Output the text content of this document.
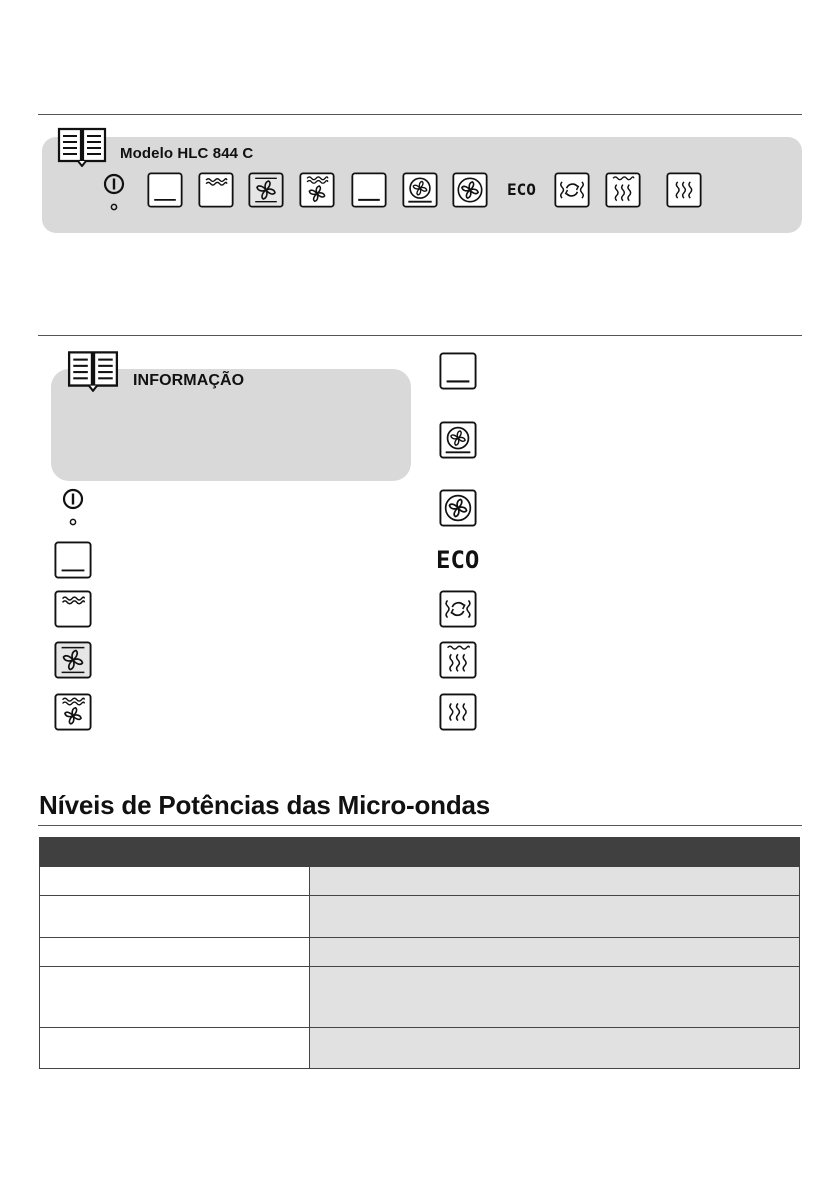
Modelo HLC 844 C
ECO
INFORMAÇÃO
ECO
Níveis de Potências das Micro-ondas
